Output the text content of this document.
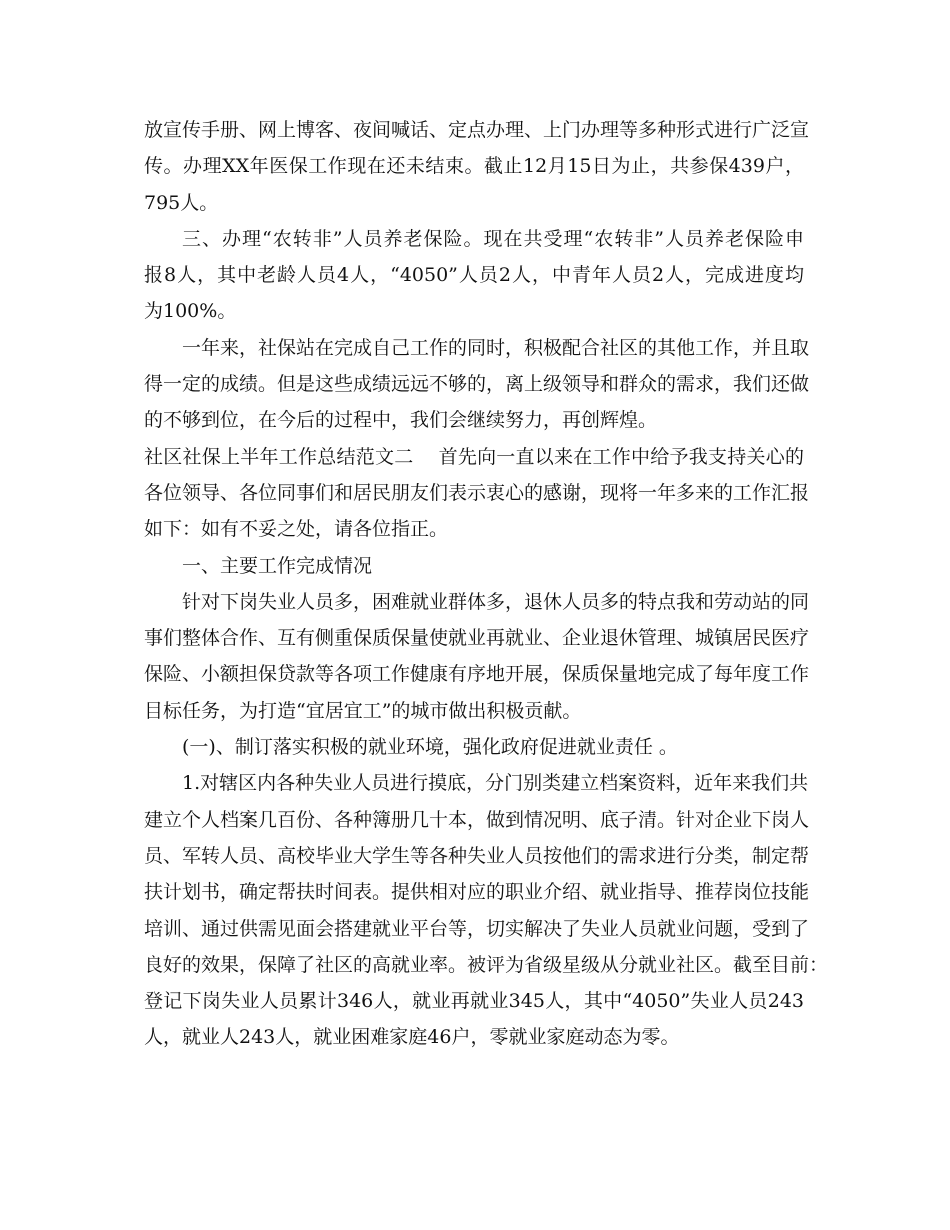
放宣传手册、网上博客、夜间喊话、定点办理、上门办理等多种形式进行广泛宣
传。办理XX年医保工作现在还未结束。截止12月15日为止，共参保439户，
795人。
三、办理“农转非”人员养老保险。现在共受理“农转非”人员养老保险申
报8人，其中老龄人员4人，“4050”人员2人，中青年人员2人，完成进度均
为100%。
一年来，社保站在完成自己工作的同时，积极配合社区的其他工作，并且取
得一定的成绩。但是这些成绩远远不够的，离上级领导和群众的需求，我们还做
的不够到位，在今后的过程中，我们会继续努力，再创辉煌。
社区社保上半年工作总结范文二    首先向一直以来在工作中给予我支持关心的
各位领导、各位同事们和居民朋友们表示衷心的感谢，现将一年多来的工作汇报
如下：如有不妥之处，请各位指正。
一、主要工作完成情况
针对下岗失业人员多，困难就业群体多，退休人员多的特点我和劳动站的同
事们整体合作、互有侧重保质保量使就业再就业、企业退休管理、城镇居民医疗
保险、小额担保贷款等各项工作健康有序地开展，保质保量地完成了每年度工作
目标任务，为打造“宜居宜工”的城市做出积极贡献。
(一)、制订落实积极的就业环境，强化政府促进就业责任 。
1.对辖区内各种失业人员进行摸底，分门别类建立档案资料，近年来我们共
建立个人档案几百份、各种簿册几十本，做到情况明、底子清。针对企业下岗人
员、军转人员、高校毕业大学生等各种失业人员按他们的需求进行分类，制定帮
扶计划书，确定帮扶时间表。提供相对应的职业介绍、就业指导、推荐岗位技能
培训、通过供需见面会搭建就业平台等，切实解决了失业人员就业问题，受到了
良好的效果，保障了社区的高就业率。被评为省级星级从分就业社区。截至目前：
登记下岗失业人员累计346人，就业再就业345人，其中“4050”失业人员243
人，就业人243人，就业困难家庭46户，零就业家庭动态为零。
